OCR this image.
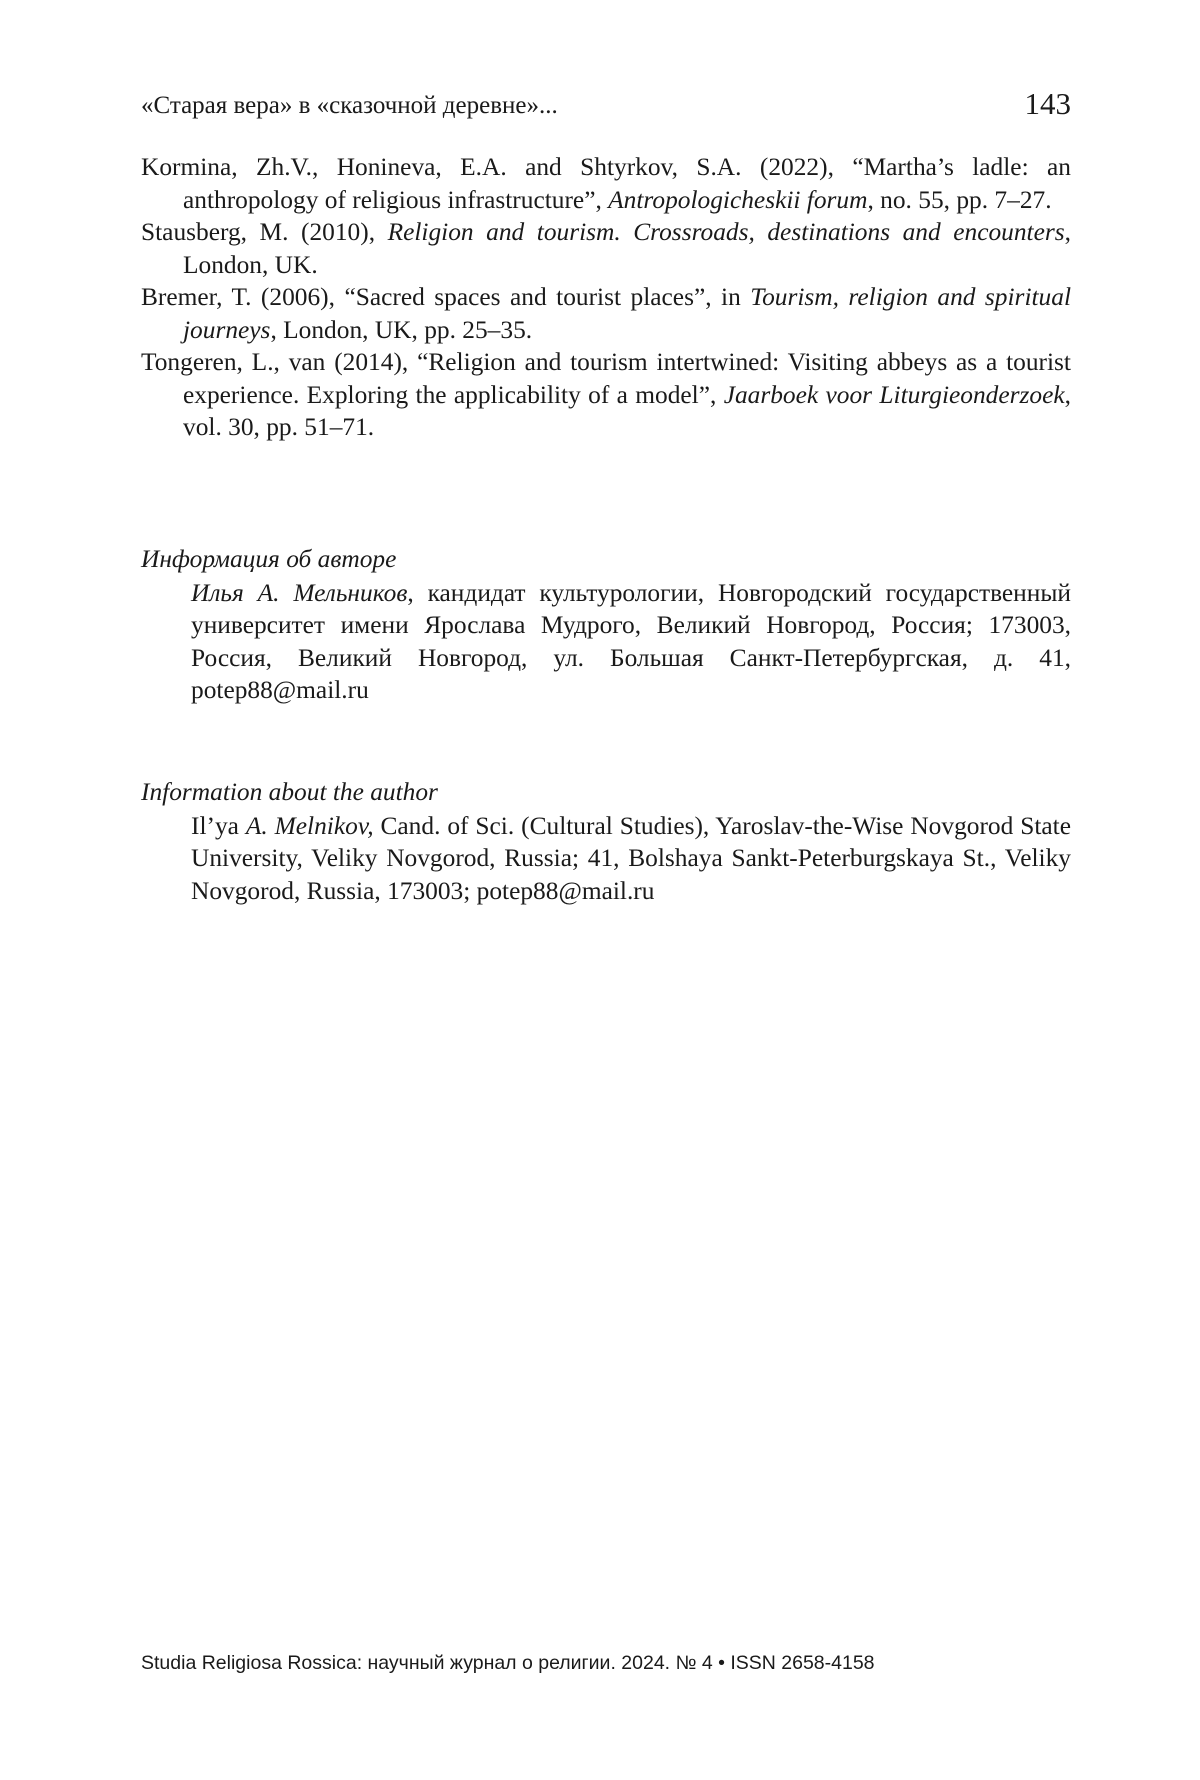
«Старая вера» в «сказочной деревне»...	143

Kormina, Zh.V., Honineva, E.A. and Shtyrkov, S.A. (2022), “Martha’s ladle: an anthropology of religious infrastructure”, Antropologicheskii forum, no. 55, pp. 7–27.

Stausberg, M. (2010), Religion and tourism. Crossroads, destinations and encounters, London, UK.

Bremer, T. (2006), “Sacred spaces and tourist places”, in Tourism, religion and spiritual journeys, London, UK, pp. 25–35.

Tongeren, L., van (2014), “Religion and tourism intertwined: Visiting abbeys as a tourist experience. Exploring the applicability of a model”, Jaarboek voor Liturgieonderzoek, vol. 30, pp. 51–71.

Информация об авторе

Илья А. Мельников, кандидат культурологии, Новгородский государственный университет имени Ярослава Мудрого, Великий Новгород, Россия; 173003, Россия, Великий Новгород, ул. Большая Санкт-Петербургская, д. 41, potep88@mail.ru

Information about the author

Il’ya A. Melnikov, Cand. of Sci. (Cultural Studies), Yaroslav-the-Wise Novgorod State University, Veliky Novgorod, Russia; 41, Bolshaya Sankt-Peterburgskaya St., Veliky Novgorod, Russia, 173003; potep88@mail.ru

Studia Religiosa Rossica: научный журнал о религии. 2024. № 4 • ISSN 2658-4158
